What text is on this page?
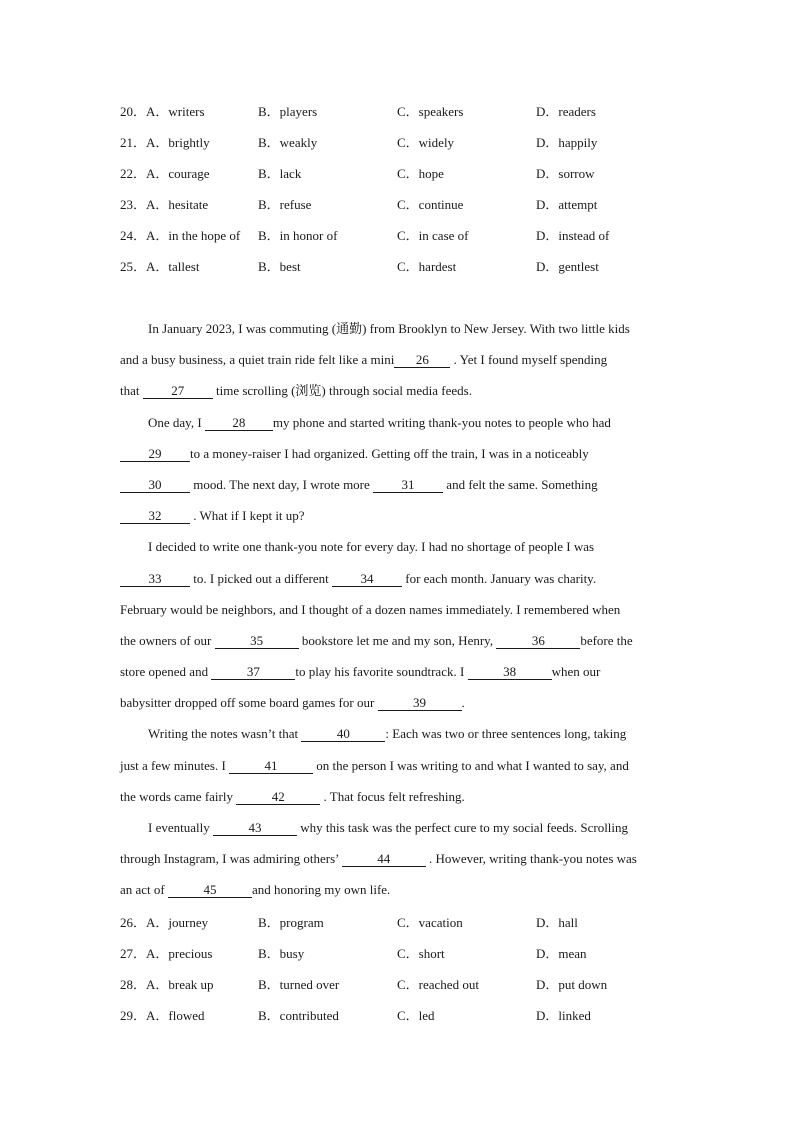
20．A．writers	B．players	C．speakers	D．readers
21．A．brightly	B．weakly	C．widely	D．happily
22．A．courage	B．lack	C．hope	D．sorrow
23．A．hesitate	B．refuse	C．continue	D．attempt
24．A．in the hope of B．in honor of	C．in case of	D．instead of
25．A．tallest	B．best	C．hardest	D．gentlest
In January 2023, I was commuting (通勤) from Brooklyn to New Jersey. With two little kids
and a busy business, a quiet train ride felt like a mini 26 . Yet I found myself spending
that 27 time scrolling (浏览) through social media feeds.
One day, I 28 my phone and started writing thank-you notes to people who had
29 to a money-raiser I had organized. Getting off the train, I was in a noticeably
30 mood. The next day, I wrote more 31 and felt the same. Something
32 . What if I kept it up?
I decided to write one thank-you note for every day. I had no shortage of people I was
33 to. I picked out a different 34 for each month. January was charity.
February would be neighbors, and I thought of a dozen names immediately. I remembered when
the owners of our	35	bookstore let me and my son, Henry,	36	before the
store opened and	37	to play his favorite soundtrack. I	38	when our
babysitter dropped off some board games for our	39	.
Writing the notes wasn’t that	40	: Each was two or three sentences long, taking
just a few minutes. I	41	on the person I was writing to and what I wanted to say, and
the words came fairly	42	. That focus felt refreshing.
I eventually	43	why this task was the perfect cure to my social feeds. Scrolling
through Instagram, I was admiring others’	44	. However, writing thank-you notes was
an act of	45	and honoring my own life.
26．A．journey	B．program	C．vacation	D．hall
27．A．precious	B．busy	C．short	D．mean
28．A．break up	B．turned over	C．reached out	D．put down
29．A．flowed	B．contributed	C．led	D．linked
